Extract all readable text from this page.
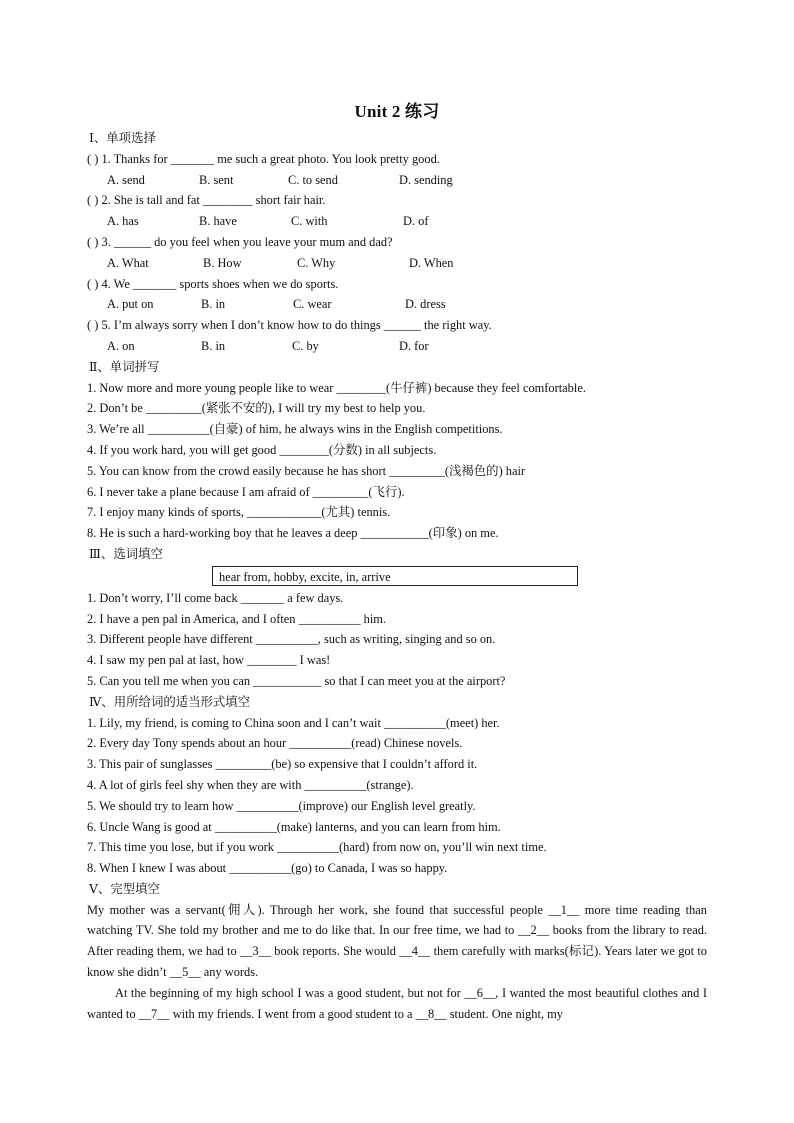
Unit 2 练习
Ⅰ、单项选择
( ) 1. Thanks for _______ me such a great photo. You look pretty good.
A. send	B. sent	C. to send	D. sending
( ) 2. She is tall and fat ________ short fair hair.
A. has	B. have	C. with	D. of
( ) 3. ______ do you feel when you leave your mum and dad?
A. What	B. How	C. Why	D. When
( ) 4. We _______ sports shoes when we do sports.
A. put on	B. in	C. wear	D. dress
( ) 5. I’m always sorry when I don’t know how to do things ______ the right way.
A. on	B. in	C. by	D. for
Ⅱ、单词拼写
1. Now more and more young people like to wear ________(牛仔裤) because they feel comfortable.
2. Don’t be _________(紧张不安的), I will try my best to help you.
3. We’re all __________(自豪) of him, he always wins in the English competitions.
4. If you work hard, you will get good ________(分数) in all subjects.
5. You can know from the crowd easily because he has short _________(浅褐色的) hair
6. I never take a plane because I am afraid of _________(飞行).
7. I enjoy many kinds of sports, ____________(尤其) tennis.
8. He is such a hard-working boy that he leaves a deep ___________(印象) on me.
Ⅲ、选词填空
hear from, hobby, excite, in, arrive
1. Don’t worry, I’ll come back _______ a few days.
2. I have a pen pal in America, and I often __________ him.
3. Different people have different __________, such as writing, singing and so on.
4. I saw my pen pal at last, how ________ I was!
5. Can you tell me when you can ___________ so that I can meet you at the airport?
Ⅳ、用所给词的适当形式填空
1. Lily, my friend, is coming to China soon and I can’t wait __________(meet) her.
2. Every day Tony spends about an hour __________(read) Chinese novels.
3. This pair of sunglasses _________(be) so expensive that I couldn’t afford it.
4. A lot of girls feel shy when they are with __________(strange).
5. We should try to learn how __________(improve) our English level greatly.
6. Uncle Wang is good at __________(make) lanterns, and you can learn from him.
7. This time you lose, but if you work __________(hard) from now on, you’ll win next time.
8. When I knew I was about __________(go) to Canada, I was so happy.
Ⅴ、完型填空

My mother was a servant(佣人). Through her work, she found that successful people __1__ more time reading than watching TV. She told my brother and me to do like that. In our free time, we had to __2__ books from the library to read. After reading them, we had to __3__ book reports. She would __4__ them carefully with marks(标记). Years later we got to know she didn’t __5__ any words.

At the beginning of my high school I was a good student, but not for __6__, I wanted the most beautiful clothes and I wanted to __7__ with my friends. I went from a good student to a __8__ student. One night, my
